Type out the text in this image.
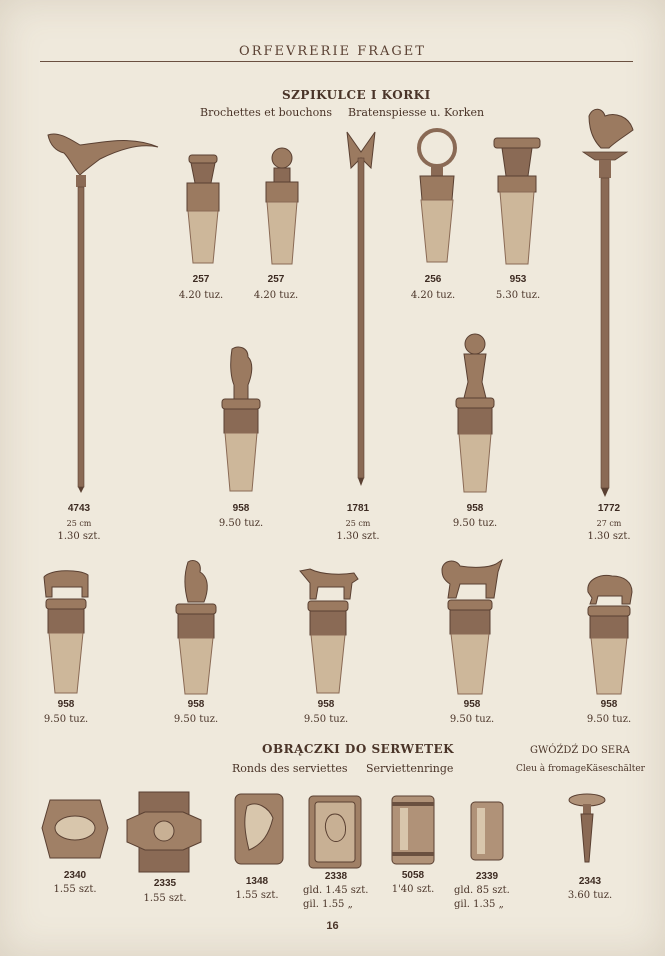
ORFEVRERIE FRAGET
SZPIKULCE I KORKI
Brochettes et bouchons Bratenspiesse u. Korken
4743
25 cm
1.30 szt.
257
4.20 tuz.
257
4.20 tuz.
1781
25 cm
1.30 szt.
256
4.20 tuz.
953
5.30 tuz.
1772
27 cm
1.30 szt.
958
9.50 tuz.
958
9.50 tuz.
958
9.50 tuz.
958
9.50 tuz.
958
9.50 tuz.
958
9.50 tuz.
958
9.50 tuz.
OBRĄCZKI DO SERWETEK
Ronds des serviettes Serviettenringe
GWÓŹDŹ DO SERA
Cleu à fromage Käseschälter
2340
1.55 szt.
2335
1.55 szt.
1348
1.55 szt.
2338
gld. 1.45 szt.
gil. 1.55 „
5058
1'40 szt.
2339
gld. 85 szt.
gil. 1.35 „
2343
3.60 tuz.
16
